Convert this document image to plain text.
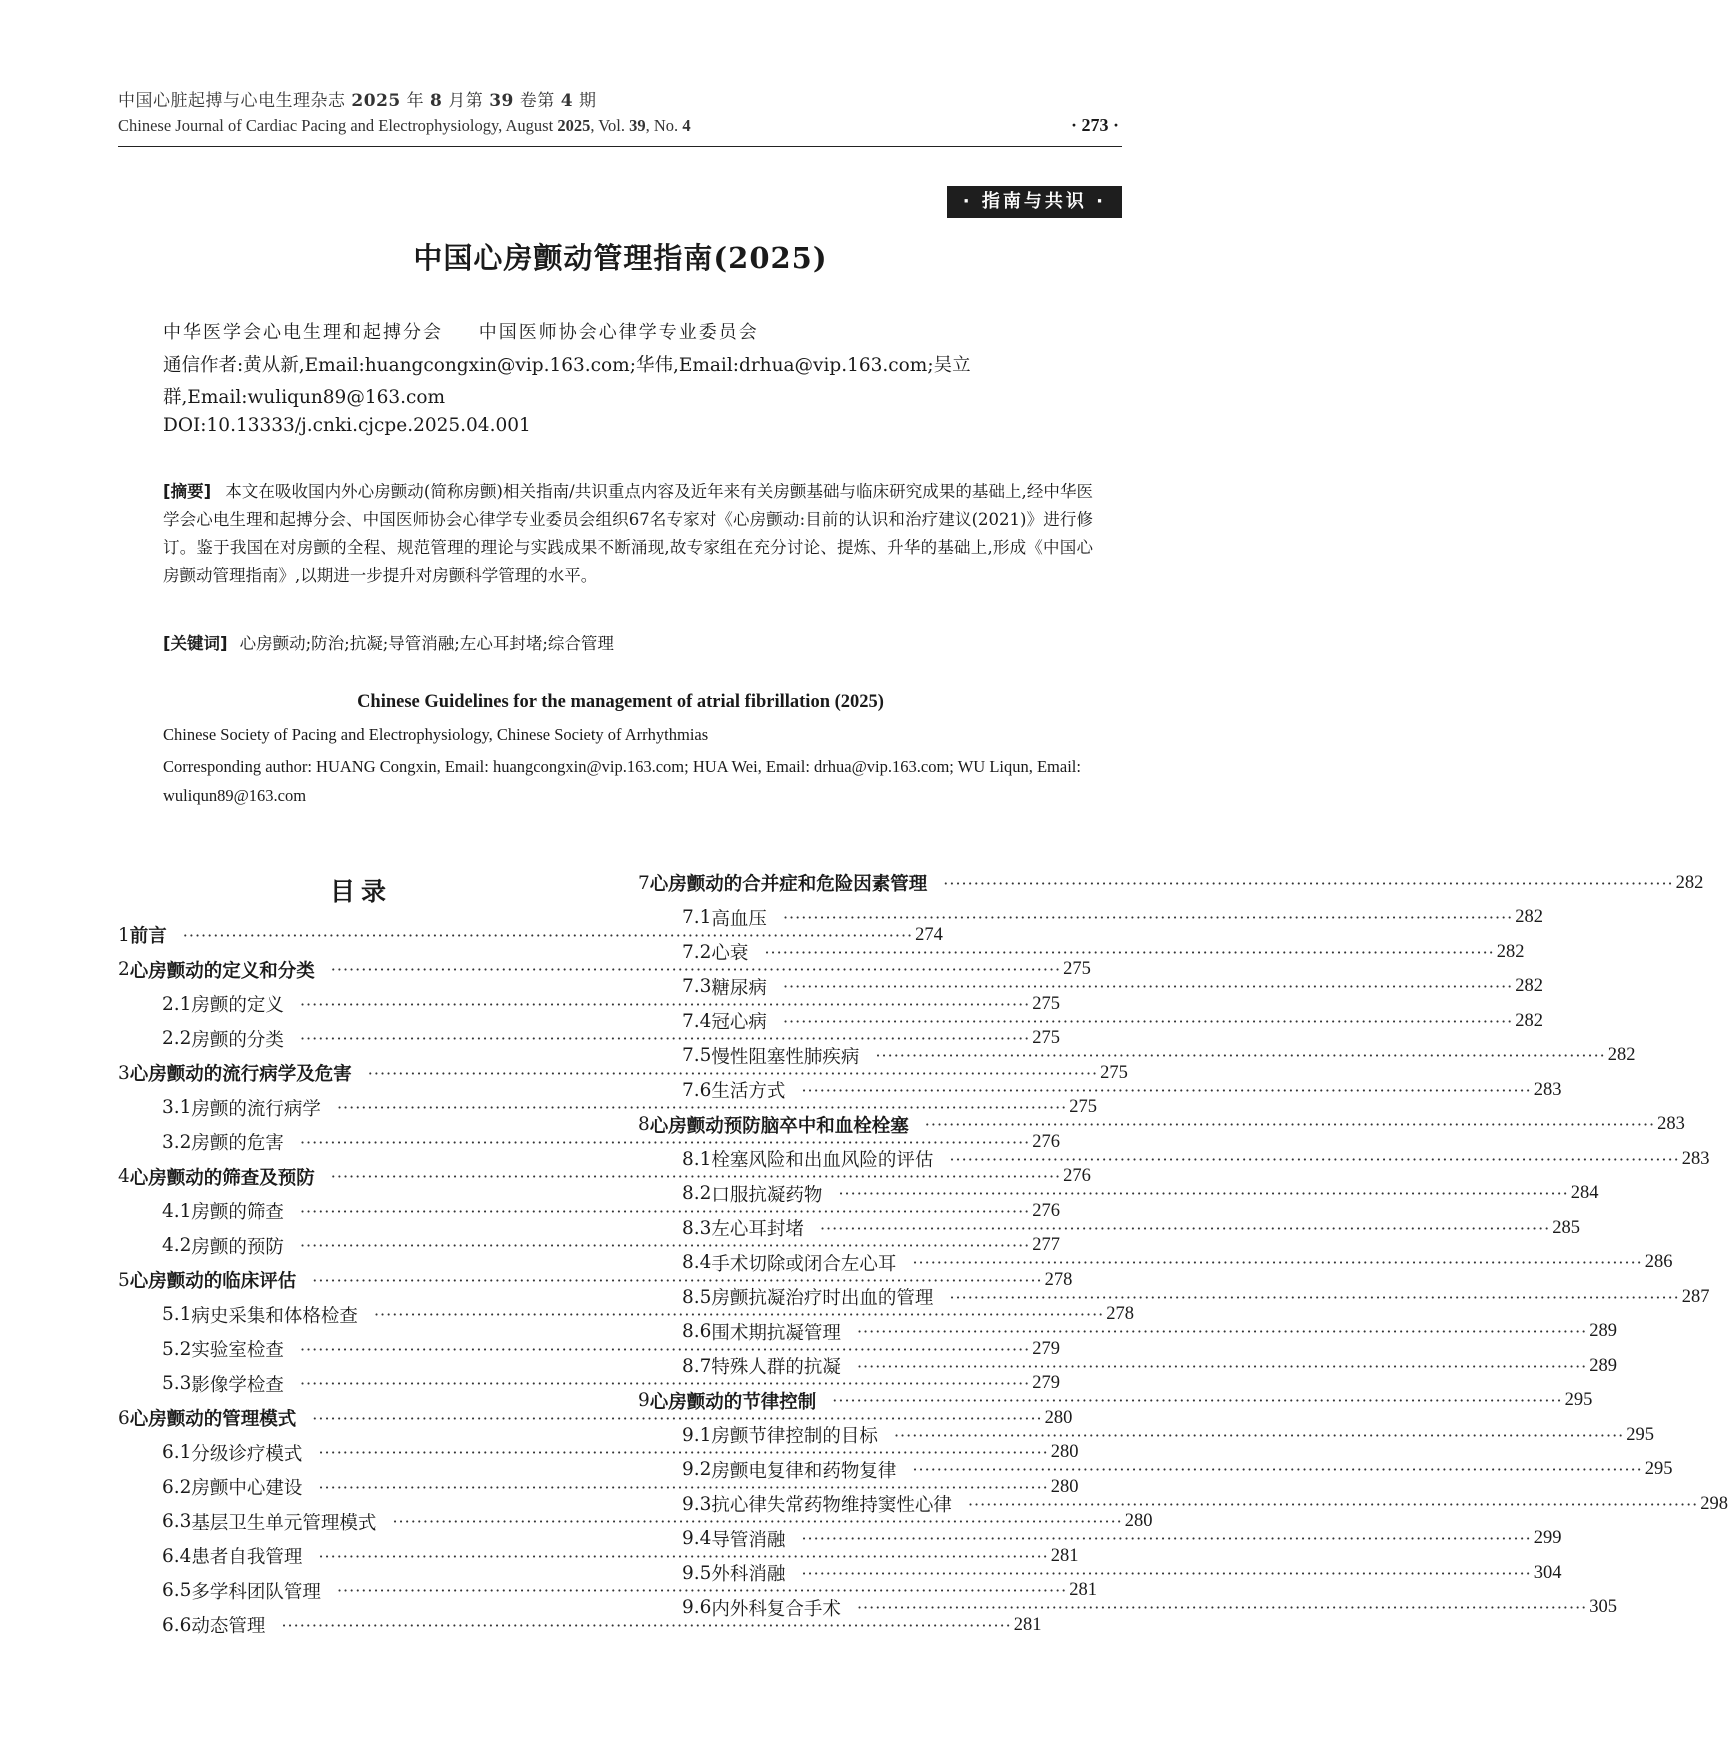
中国心脏起搏与心电生理杂志 2025 年 8 月第 39 卷第 4 期
Chinese Journal of Cardiac Pacing and Electrophysiology, August 2025, Vol. 39, No. 4	· 273 ·
· 指南与共识 ·
中国心房颤动管理指南(2025)
中华医学会心电生理和起搏分会 中国医师协会心律学专业委员会
通信作者:黄从新,Email:huangcongxin@vip.163.com;华伟,Email:drhua@vip.163.com;吴立群,Email:wuliqun89@163.com
DOI:10.13333/j.cnki.cjcpe.2025.04.001
[摘要] 本文在吸收国内外心房颤动(简称房颤)相关指南/共识重点内容及近年来有关房颤基础与临床研究成果的基础上,经中华医学会心电生理和起搏分会、中国医师协会心律学专业委员会组织67名专家对《心房颤动:目前的认识和治疗建议(2021)》进行修订。鉴于我国在对房颤的全程、规范管理的理论与实践成果不断涌现,故专家组在充分讨论、提炼、升华的基础上,形成《中国心房颤动管理指南》,以期进一步提升对房颤科学管理的水平。
[关键词] 心房颤动;防治;抗凝;导管消融;左心耳封堵;综合管理
Chinese Guidelines for the management of atrial fibrillation (2025)
Chinese Society of Pacing and Electrophysiology, Chinese Society of Arrhythmias
Corresponding author: HUANG Congxin, Email: huangcongxin@vip.163.com; HUA Wei, Email: drhua@vip.163.com; WU Liqun, Email: wuliqun89@163.com
目录
1 前言 ························································································································ 274
2 心房颤动的定义和分类 ························································································································ 275
2.1 房颤的定义 ························································································································ 275
2.2 房颤的分类 ························································································································ 275
3 心房颤动的流行病学及危害 ························································································································ 275
3.1 房颤的流行病学 ························································································································ 275
3.2 房颤的危害 ························································································································ 276
4 心房颤动的筛查及预防 ························································································································ 276
4.1 房颤的筛查 ························································································································ 276
4.2 房颤的预防 ························································································································ 277
5 心房颤动的临床评估 ························································································································ 278
5.1 病史采集和体格检查 ························································································································ 278
5.2 实验室检查 ························································································································ 279
5.3 影像学检查 ························································································································ 279
6 心房颤动的管理模式 ························································································································ 280
6.1 分级诊疗模式 ························································································································ 280
6.2 房颤中心建设 ························································································································ 280
6.3 基层卫生单元管理模式 ························································································································ 280
6.4 患者自我管理 ························································································································ 281
6.5 多学科团队管理 ························································································································ 281
6.6 动态管理 ························································································································ 281
7 心房颤动的合并症和危险因素管理 ························································································································ 282
7.1 高血压 ························································································································ 282
7.2 心衰 ························································································································ 282
7.3 糖尿病 ························································································································ 282
7.4 冠心病 ························································································································ 282
7.5 慢性阻塞性肺疾病 ························································································································ 282
7.6 生活方式 ························································································································ 283
8 心房颤动预防脑卒中和血栓栓塞 ························································································································ 283
8.1 栓塞风险和出血风险的评估 ························································································································ 283
8.2 口服抗凝药物 ························································································································ 284
8.3 左心耳封堵 ························································································································ 285
8.4 手术切除或闭合左心耳 ························································································································ 286
8.5 房颤抗凝治疗时出血的管理 ························································································································ 287
8.6 围术期抗凝管理 ························································································································ 289
8.7 特殊人群的抗凝 ························································································································ 289
9 心房颤动的节律控制 ························································································································ 295
9.1 房颤节律控制的目标 ························································································································ 295
9.2 房颤电复律和药物复律 ························································································································ 295
9.3 抗心律失常药物维持窦性心律 ························································································································ 298
9.4 导管消融 ························································································································ 299
9.5 外科消融 ························································································································ 304
9.6 内外科复合手术 ························································································································ 305
